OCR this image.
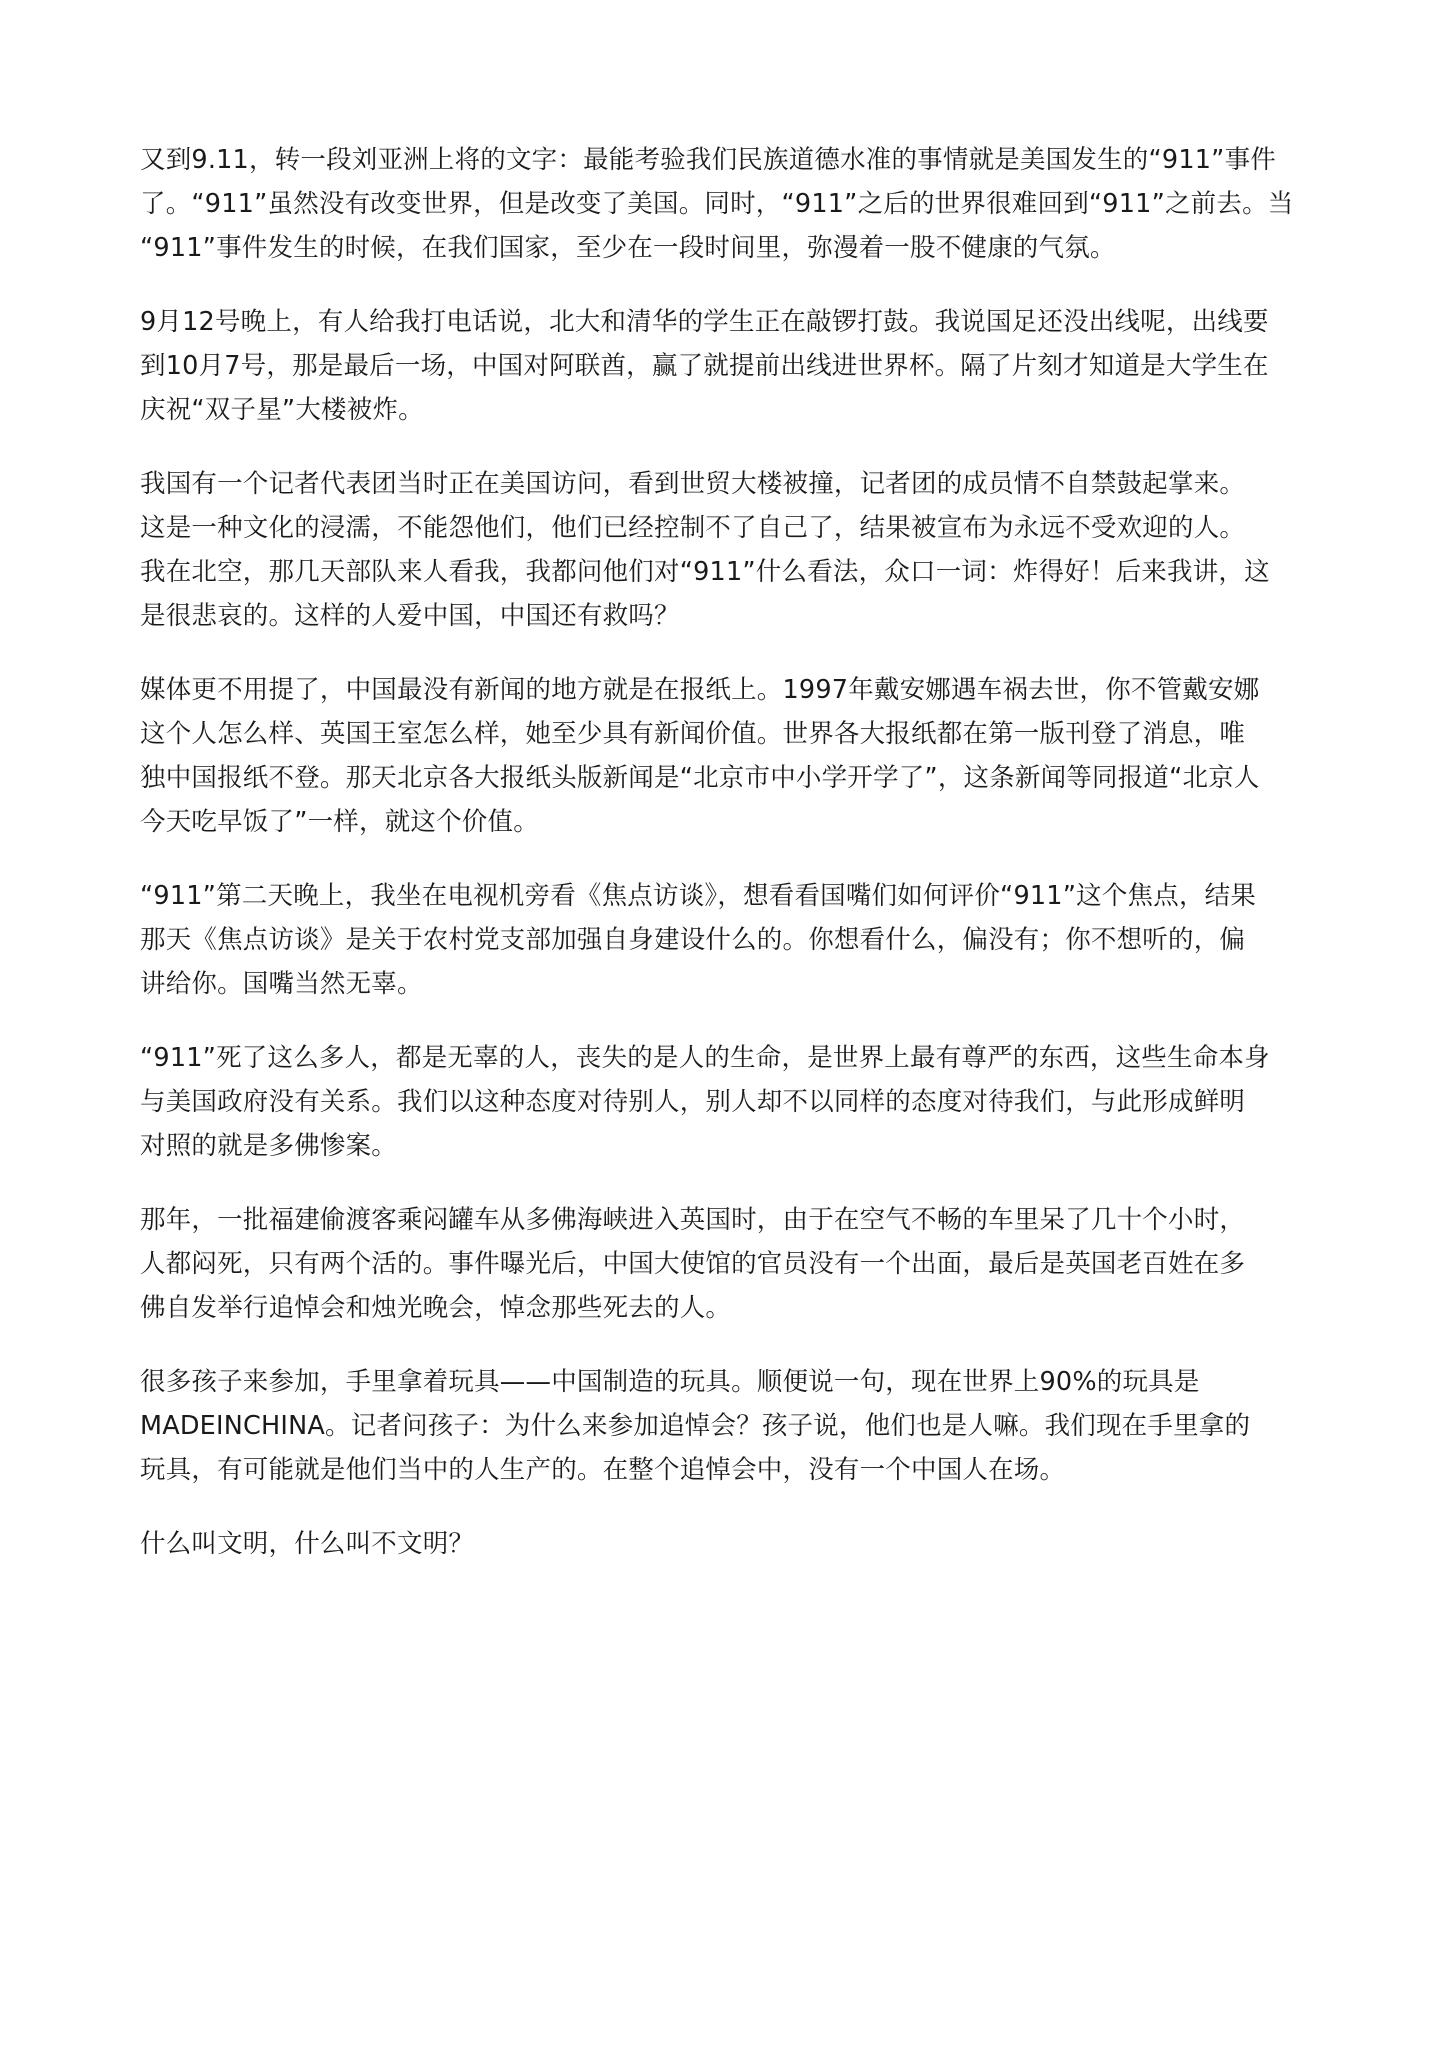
又到9.11，转一段刘亚洲上将的文字：最能考验我们民族道德水准的事情就是美国发生的“911”事件
了。“911”虽然没有改变世界，但是改变了美国。同时，“911”之后的世界很难回到“911”之前去。当
“911”事件发生的时候，在我们国家，至少在一段时间里，弥漫着一股不健康的气氛。

9月12号晚上，有人给我打电话说，北大和清华的学生正在敲锣打鼓。我说国足还没出线呢，出线要
到10月7号，那是最后一场，中国对阿联酋，赢了就提前出线进世界杯。隔了片刻才知道是大学生在
庆祝“双子星”大楼被炸。

我国有一个记者代表团当时正在美国访问，看到世贸大楼被撞，记者团的成员情不自禁鼓起掌来。
这是一种文化的浸濡，不能怨他们，他们已经控制不了自己了，结果被宣布为永远不受欢迎的人。
我在北空，那几天部队来人看我，我都问他们对“911”什么看法，众口一词：炸得好！后来我讲，这
是很悲哀的。这样的人爱中国，中国还有救吗？

媒体更不用提了，中国最没有新闻的地方就是在报纸上。1997年戴安娜遇车祸去世，你不管戴安娜
这个人怎么样、英国王室怎么样，她至少具有新闻价值。世界各大报纸都在第一版刊登了消息，唯
独中国报纸不登。那天北京各大报纸头版新闻是“北京市中小学开学了”，这条新闻等同报道“北京人
今天吃早饭了”一样，就这个价值。

“911”第二天晚上，我坐在电视机旁看《焦点访谈》，想看看国嘴们如何评价“911”这个焦点，结果
那天《焦点访谈》是关于农村党支部加强自身建设什么的。你想看什么，偏没有；你不想听的，偏
讲给你。国嘴当然无辜。

“911”死了这么多人，都是无辜的人，丧失的是人的生命，是世界上最有尊严的东西，这些生命本身
与美国政府没有关系。我们以这种态度对待别人，别人却不以同样的态度对待我们，与此形成鲜明
对照的就是多佛惨案。

那年，一批福建偷渡客乘闷罐车从多佛海峡进入英国时，由于在空气不畅的车里呆了几十个小时，
人都闷死，只有两个活的。事件曝光后，中国大使馆的官员没有一个出面，最后是英国老百姓在多
佛自发举行追悼会和烛光晚会，悼念那些死去的人。

很多孩子来参加，手里拿着玩具——中国制造的玩具。顺便说一句，现在世界上90%的玩具是
MADEINCHINA。记者问孩子：为什么来参加追悼会？孩子说，他们也是人嘛。我们现在手里拿的
玩具，有可能就是他们当中的人生产的。在整个追悼会中，没有一个中国人在场。

什么叫文明，什么叫不文明？
